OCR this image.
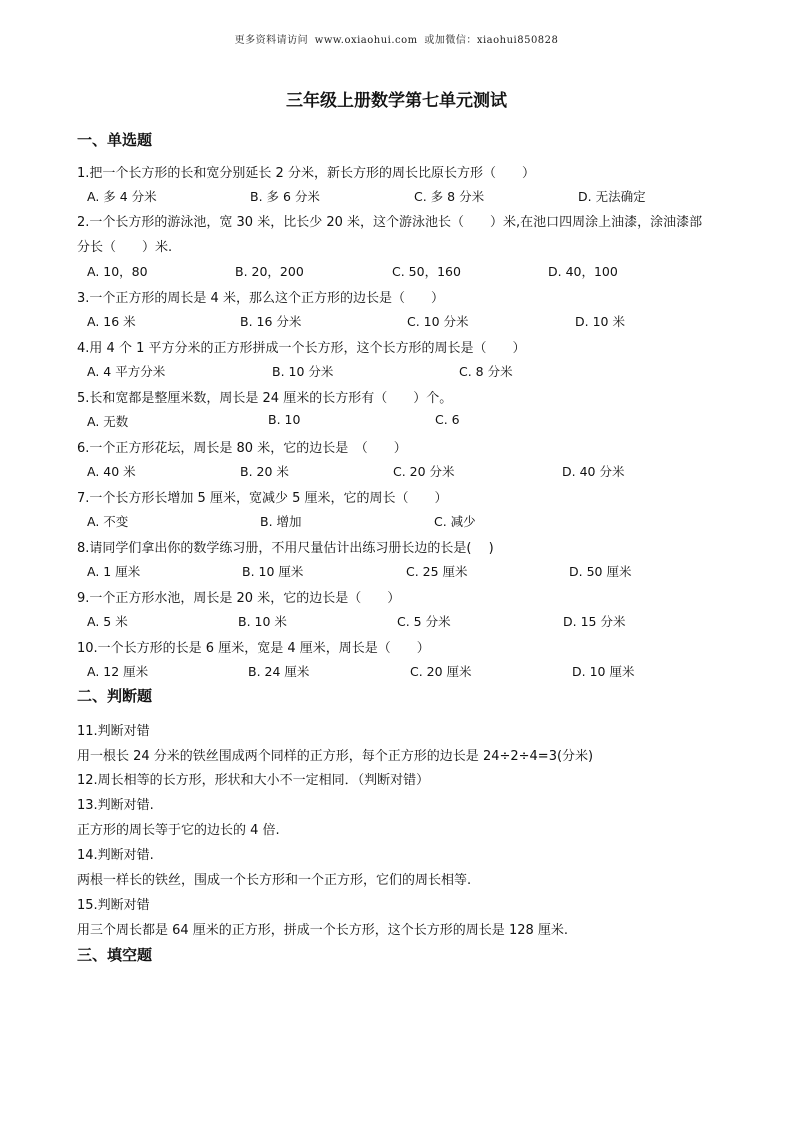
更多资料请访问 www.oxiaohui.com 或加微信：xiaohui850828
三年级上册数学第七单元测试
一、单选题
1.把一个长方形的长和宽分别延长 2 分米，新长方形的周长比原长方形（　　）
A. 多 4 分米	B. 多 6 分米	C. 多 8 分米	D. 无法确定
2.一个长方形的游泳池，宽 30 米，比长少 20 米，这个游泳池长（　　）米,在池口四周涂上油漆，涂油漆部
分长（　　）米.
A. 10，80	B. 20，200	C. 50，160	D. 40，100
3.一个正方形的周长是 4 米，那么这个正方形的边长是（　　）
A. 16 米	B. 16 分米	C. 10 分米	D. 10 米
4.用 4 个 1 平方分米的正方形拼成一个长方形，这个长方形的周长是（　　）
A. 4 平方分米	B. 10 分米	C. 8 分米
5.长和宽都是整厘米数，周长是 24 厘米的长方形有（　　）个。
A. 无数	B. 10	C. 6
6.一个正方形花坛，周长是 80 米，它的边长是　（　　）
A. 40 米	B. 20 米	C. 20 分米	D. 40 分米
7.一个长方形长增加 5 厘米，宽减少 5 厘米，它的周长（　　）
A. 不变	B. 增加	C. 减少
8.请同学们拿出你的数学练习册，不用尺量估计出练习册长边的长是(　 )
A. 1 厘米	B. 10 厘米	C. 25 厘米	D. 50 厘米
9.一个正方形水池，周长是 20 米，它的边长是（　　）
A. 5 米	B. 10 米	C. 5 分米	D. 15 分米
10.一个长方形的长是 6 厘米，宽是 4 厘米，周长是（　　）
A. 12 厘米	B. 24 厘米	C. 20 厘米	D. 10 厘米
二、判断题
11.判断对错
用一根长 24 分米的铁丝围成两个同样的正方形，每个正方形的边长是 24÷2÷4=3(分米)
12.周长相等的长方形，形状和大小不一定相同．（判断对错）
13.判断对错.
正方形的周长等于它的边长的 4 倍.
14.判断对错.
两根一样长的铁丝，围成一个长方形和一个正方形，它们的周长相等.
15.判断对错
用三个周长都是 64 厘米的正方形，拼成一个长方形，这个长方形的周长是 128 厘米.
三、填空题
